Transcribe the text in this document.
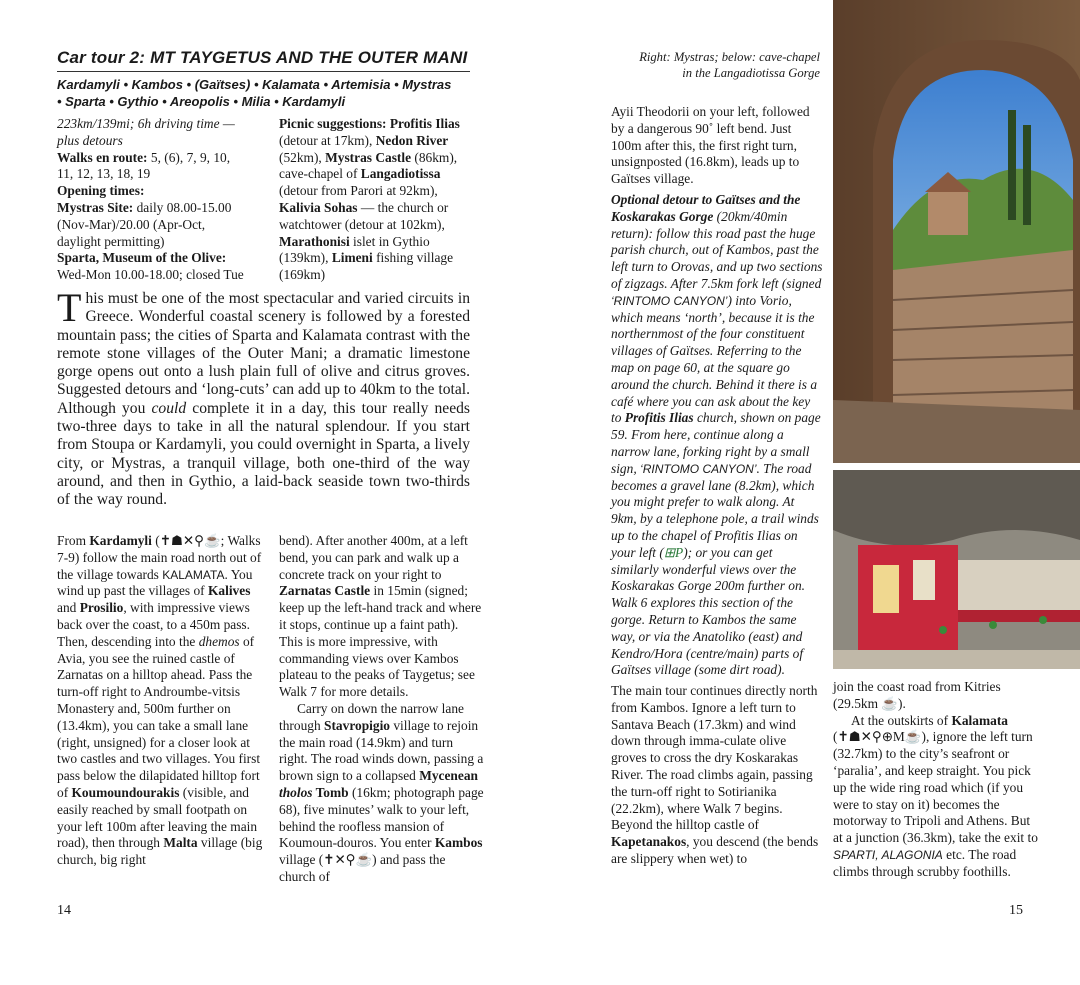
Car tour 2: MT TAYGETUS AND THE OUTER MANI
Kardamyli • Kambos • (Gaïtses) • Kalamata • Artemisia • Mystras
• Sparta • Gythio • Areopolis • Milia • Kardamyli
223km/139mi; 6h driving time —
plus detours
Walks en route: 5, (6), 7, 9, 10,
11, 12, 13, 18, 19
Opening times:
Mystras Site: daily 08.00-15.00
(Nov-Mar)/20.00 (Apr-Oct,
daylight permitting)
Sparta, Museum of the Olive:
Wed-Mon 10.00-18.00; closed Tue
Picnic suggestions: Profitis Ilias
(detour at 17km), Nedon River
(52km), Mystras Castle (86km),
cave-chapel of Langadiotissa
(detour from Parori at 92km),
Kalivia Sohas — the church or
watchtower (detour at 102km),
Marathonisi islet in Gythio
(139km), Limeni fishing village
(169km)
This must be one of the most spectacular and varied circuits in Greece. Wonderful coastal scenery is followed by a forested mountain pass; the cities of Sparta and Kalamata contrast with the remote stone villages of the Outer Mani; a dramatic limestone gorge opens out onto a lush plain full of olive and citrus groves. Suggested detours and ‘long-cuts’ can add up to 40km to the total. Although you could complete it in a day, this tour really needs two-three days to take in all the natural splendour. If you start from Stoupa or Kardamyli, you could overnight in Sparta, a lively city, or Mystras, a tranquil village, both one-third of the way around, and then in Gythio, a laid-back seaside town two-thirds of the way round.

From Kardamyli (✝☗✕⚲☕; Walks 7-9) follow the main road north out of the village towards KALAMATA. You wind up past the villages of Kalives and Prosilio, with impressive views back over the coast, to a 450m pass. Then, descending into the dhemos of Avia, you see the ruined castle of Zarnatas on a hilltop ahead. Pass the turn-off right to Androumbe-vitsis Monastery and, 500m further on (13.4km), you can take a small lane (right, unsigned) for a closer look at two castles and two villages. You first pass below the dilapidated hilltop fort of Koumoundourakis (visible, and easily reached by small footpath on your left 100m after leaving the main road), then through Malta village (big church, big right

bend). After another 400m, at a left bend, you can park and walk up a concrete track on your right to Zarnatas Castle in 15min (signed; keep up the left-hand track and where it stops, continue up a faint path). This is more impressive, with commanding views over Kambos plateau to the peaks of Taygetus; see Walk 7 for more details.

Carry on down the narrow lane through Stavropigio village to rejoin the main road (14.9km) and turn right. The road winds down, passing a brown sign to a collapsed Mycenean tholos Tomb (16km; photograph page 68), five minutes’ walk to your left, behind the roofless mansion of Koumoun-douros. You enter Kambos village (✝✕⚲☕) and pass the church of

14
Right: Mystras; below: cave-chapel
in the Langadiotissa Gorge

Ayii Theodorii on your left, followed by a dangerous 90˚ left bend. Just 100m after this, the first right turn, unsignposted (16.8km), leads up to Gaïtses village.

Optional detour to Gaïtses and the Koskarakas Gorge (20km/40min return): follow this road past the huge parish church, out of Kambos, past the left turn to Orovas, and up two sections of zigzags. After 7.5km fork left (signed ‘RINTOMO CANYON’) into Vorio, which means ‘north’, because it is the northernmost of the four constituent villages of Gaïtses. Referring to the map on page 60, at the square go around the church. Behind it there is a café where you can ask about the key to Profitis Ilias church, shown on page 59. From here, continue along a narrow lane, forking right by a small sign, ‘RINTOMO CANYON’. The road becomes a gravel lane (8.2km), which you might prefer to walk along. At 9km, by a telephone pole, a trail winds up to the chapel of Profitis Ilias on your left (⊞P); or you can get similarly wonderful views over the Koskarakas Gorge 200m further on. Walk 6 explores this section of the gorge. Return to Kambos the same way, or via the Anatoliko (east) and Kendro/Hora (centre/main) parts of Gaïtses village (some dirt road).

The main tour continues directly north from Kambos. Ignore a left turn to Santava Beach (17.3km) and wind down through imma-culate olive groves to cross the dry Koskarakas River. The road climbs again, passing the turn-off right to Sotirianika (22.2km), where Walk 7 begins. Beyond the hilltop castle of Kapetanakos, you descend (the bends are slippery when wet) to

join the coast road from Kitries (29.5km ☕).

At the outskirts of Kalamata (✝☗✕⚲⊕M☕), ignore the left turn (32.7km) to the city’s seafront or ‘paralia’, and keep straight. You pick up the wide ring road which (if you were to stay on it) becomes the motorway to Tripoli and Athens. But at a junction (36.3km), take the exit to SPARTI, ALAGONIA etc. The road climbs through scrubby foothills.

15
